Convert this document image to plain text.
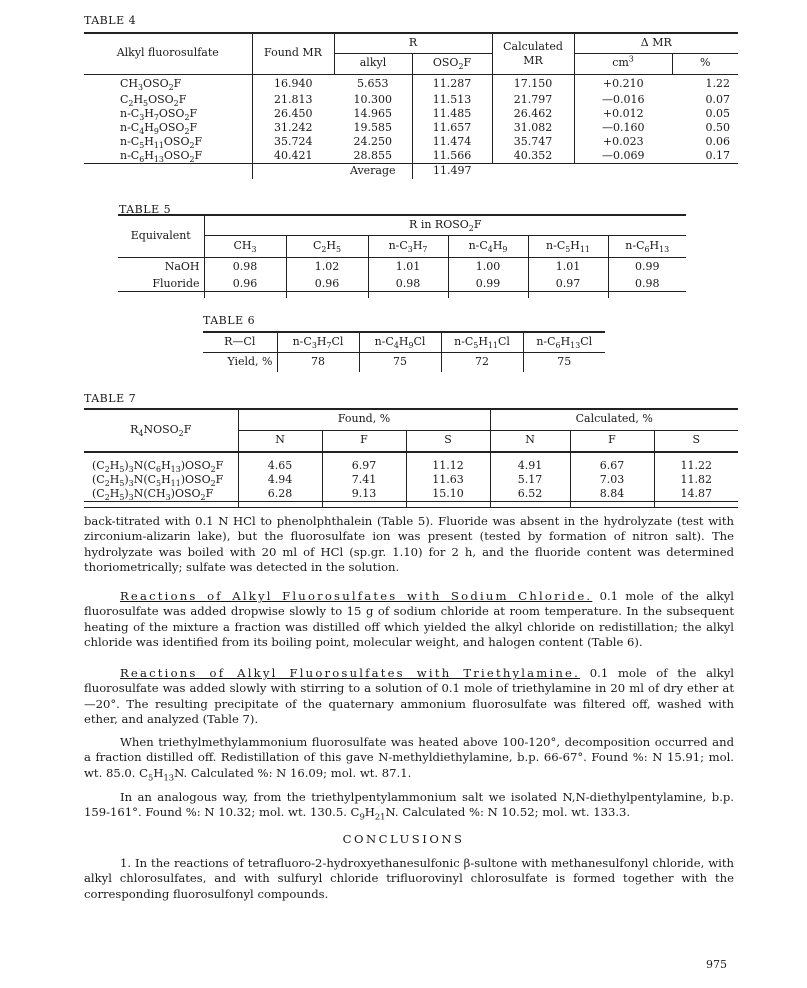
TABLE 4
Alkyl fluorosulfate	Found MR	R		Calculated
MR	Δ MR	
		alkyl	$OSO_2F$		$cm^3$	%
$CH_3OSO_2F$	16.940	5.653	11.287	17.150	+0.210	1.22
$C_2H_5OSO_2F$	21.813	10.300	11.513	21.797	—0.016	0.07
$n-C_3H_7OSO_2F$	26.450	14.965	11.485	26.462	+0.012	0.05
$n-C_4H_9OSO_2F$	31.242	19.585	11.657	31.082	—0.160	0.50
$n-C_5H_{11}OSO_2F$	35.724	24.250	11.474	35.747	+0.023	0.06
$n-C_6H_{13}OSO_2F$	40.421	28.855	11.566	40.352	—0.069	0.17
		Average	11.497			
TABLE 5
Equivalent	R in $ROSO_2F$					
	$CH_3$	$C_2H_5$	$n-C_3H_7$	$n-C_4H_9$	$n-C_5H_{11}$	$n-C_6H_{13}$
NaOH	0.98	1.02	1.01	1.00	1.01	0.99
Fluoride	0.96	0.96	0.98	0.99	0.97	0.98

TABLE 6
R—Cl	$n-C_3H_7Cl$	$n-C_4H_9Cl$	$n-C_5H_{11}Cl$	$n-C_6H_{13}Cl$
Yield, %	78	75	72	75
TABLE 7
$R_4NOSO_2F$	Found, %			Calculated, %		
	N	F	S	N	F	S

$(C_2H_5)_3N(C_6H_{13})OSO_2F$	4.65	6.97	11.12	4.91	6.67	11.22
$(C_2H_5)_3N(C_5H_{11})OSO_2F$	4.94	7.41	11.63	5.17	7.03	11.82
$(C_2H_5)_3N(CH_3)OSO_2F$	6.28	9.13	15.10	6.52	8.84	14.87

back-titrated with 0.1 N HCl to phenolphthalein (Table 5). Fluoride was absent in the hydrolyzate (test with zirconium-alizarin lake), but the fluorosulfate ion was present (tested by formation of nitron salt). The hydrolyzate was boiled with 20 ml of HCl (sp.gr. 1.10) for 2 h, and the fluoride content was determined thoriometrically; sulfate was detected in the solution.

Reactions of Alkyl Fluorosulfates with Sodium Chloride. 0.1 mole of the alkyl fluorosulfate was added dropwise slowly to 15 g of sodium chloride at room temperature. In the subsequent heating of the mixture a fraction was distilled off which yielded the alkyl chloride on redistillation; the alkyl chloride was identified from its boiling point, molecular weight, and halogen content (Table 6).

Reactions of Alkyl Fluorosulfates with Triethylamine. 0.1 mole of the alkyl fluorosulfate was added slowly with stirring to a solution of 0.1 mole of triethylamine in 20 ml of dry ether at —20°. The resulting precipitate of the quaternary ammonium fluorosulfate was filtered off, washed with ether, and analyzed (Table 7).

When triethylmethylammonium fluorosulfate was heated above 100-120°, decomposition occurred and a fraction distilled off. Redistillation of this gave N-methyldiethylamine, b.p. 66-67°. Found %: N 15.91; mol. wt. 85.0. $C_5H_{13}N$. Calculated %: N 16.09; mol. wt. 87.1.

In an analogous way, from the triethylpentylammonium salt we isolated N,N-diethylpentylamine, b.p. 159-161°. Found %: N 10.32; mol. wt. 130.5. $C_9H_{21}N$. Calculated %: N 10.52; mol. wt. 133.3.

CONCLUSIONS

1. In the reactions of tetrafluoro-2-hydroxyethanesulfonic β-sultone with methanesulfonyl chloride, with alkyl chlorosulfates, and with sulfuryl chloride trifluorovinyl chlorosulfate is formed together with the corresponding fluorosulfonyl compounds.

975
